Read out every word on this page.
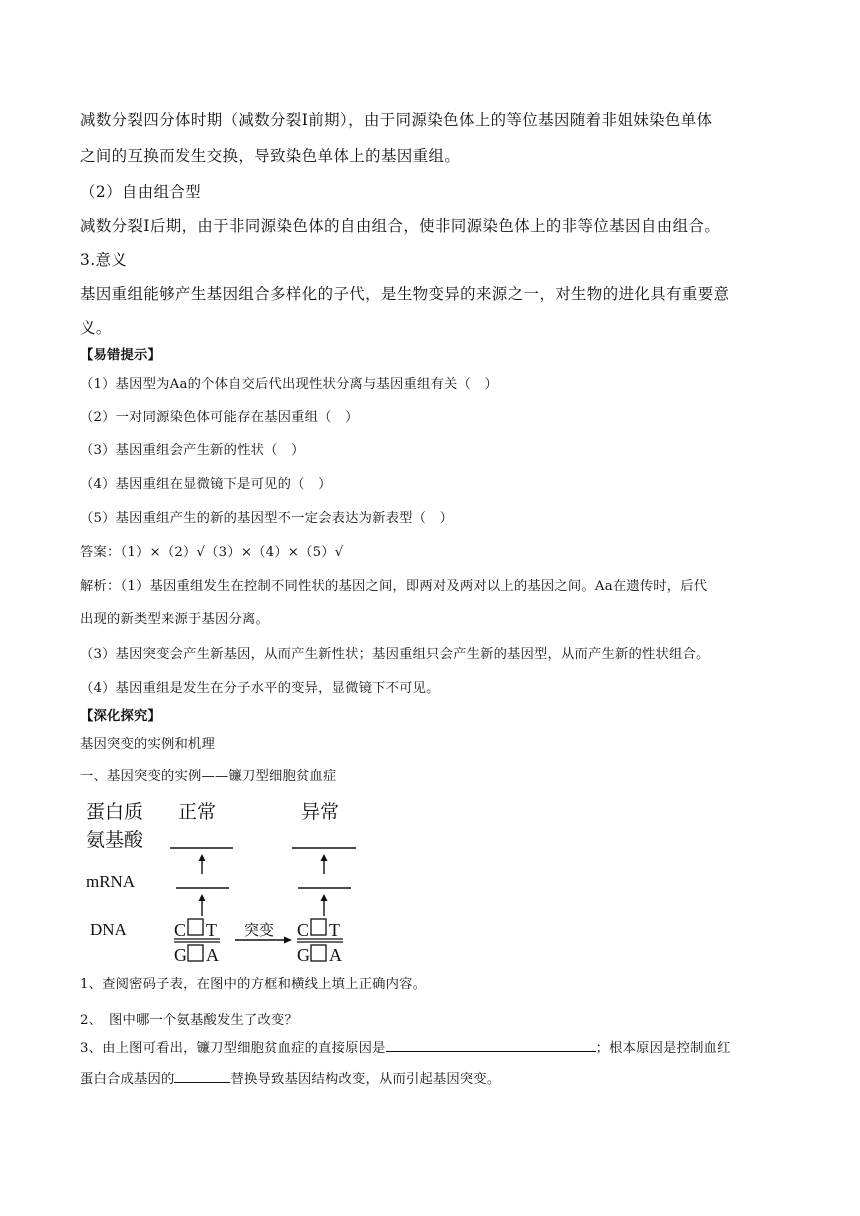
减数分裂四分体时期（减数分裂Ⅰ前期），由于同源染色体上的等位基因随着非姐妹染色单体
之间的互换而发生交换，导致染色单体上的基因重组。
（2）自由组合型
减数分裂Ⅰ后期，由于非同源染色体的自由组合，使非同源染色体上的非等位基因自由组合。
3.意义
基因重组能够产生基因组合多样化的子代，是生物变异的来源之一，对生物的进化具有重要意
义。
【易错提示】
（1）基因型为Aa的个体自交后代出现性状分离与基因重组有关（　）
（2）一对同源染色体可能存在基因重组（　）
（3）基因重组会产生新的性状（　）
（4）基因重组在显微镜下是可见的（　）
（5）基因重组产生的新的基因型不一定会表达为新表型（　）
答案：（1）×（2）√（3）×（4）×（5）√
解析：（1）基因重组发生在控制不同性状的基因之间，即两对及两对以上的基因之间。Aa在遗传时，后代
出现的新类型来源于基因分离。
（3）基因突变会产生新基因，从而产生新性状；基因重组只会产生新的基因型，从而产生新的性状组合。
（4）基因重组是发生在分子水平的变异，显微镜下不可见。
【深化探究】
基因突变的实例和机理
一、基因突变的实例——镰刀型细胞贫血症
蛋白质
氨基酸
正常	异常
mRNA
DNA	C T
G A
突变 C T
G A
1、查阅密码子表，在图中的方框和横线上填上正确内容。
2、　图中哪一个氨基酸发生了改变？
3、由上图可看出，镰刀型细胞贫血症的直接原因是	；根本原因是控制血红
蛋白合成基因的	替换导致基因结构改变，从而引起基因突变。
